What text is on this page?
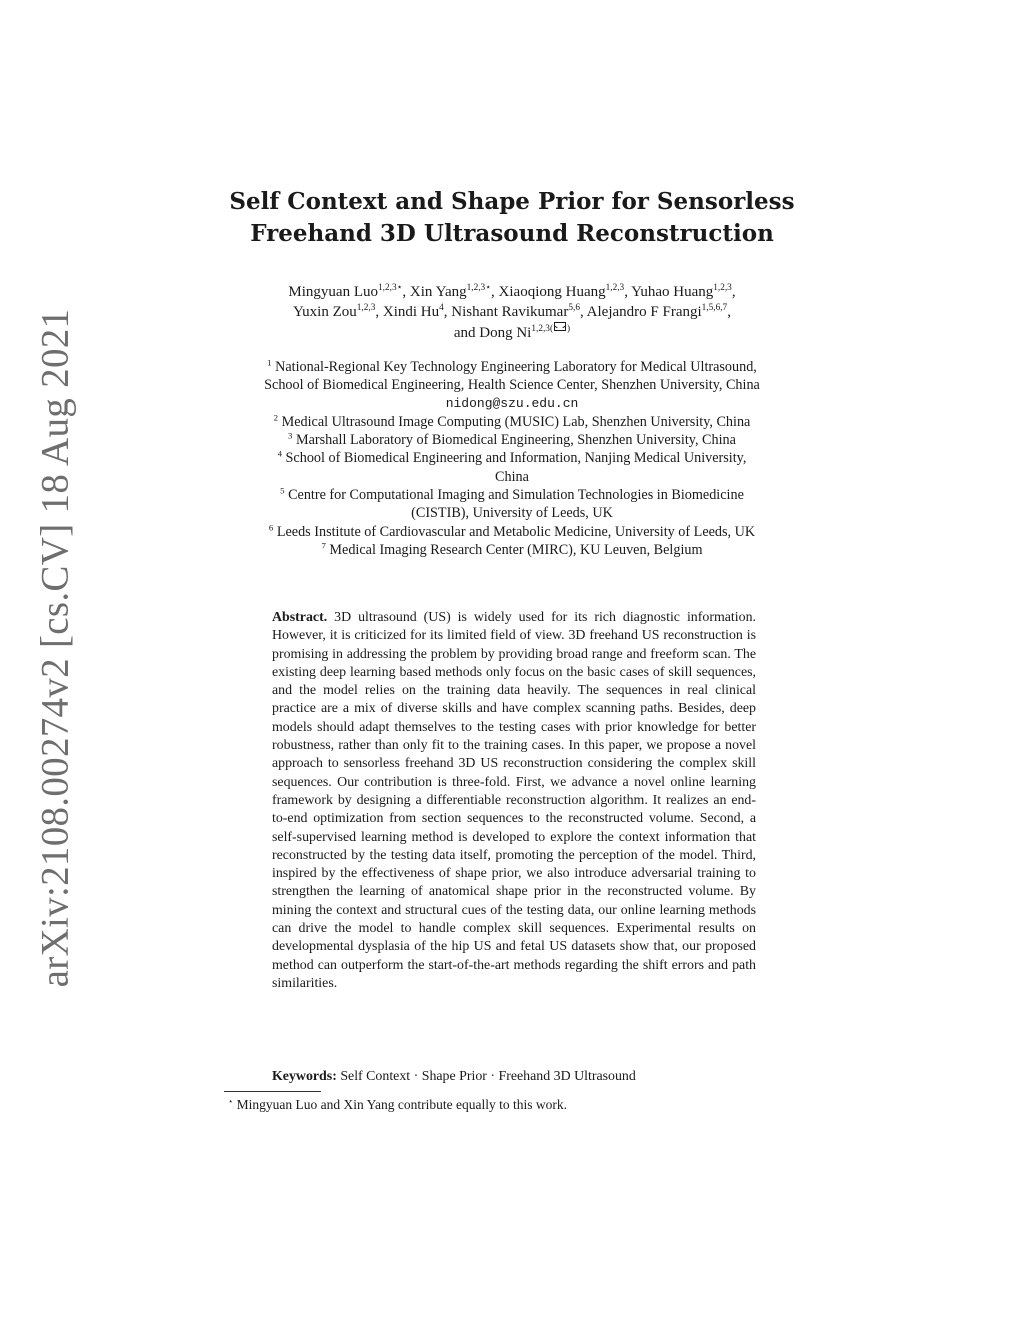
arXiv:2108.00274v2 [cs.CV] 18 Aug 2021
Self Context and Shape Prior for Sensorless
Freehand 3D Ultrasound Reconstruction
Mingyuan Luo$^{1,2,3⋆}$, Xin Yang$^{1,2,3⋆}$, Xiaoqiong Huang$^{1,2,3}$, Yuhao Huang$^{1,2,3}$,
Yuxin Zou$^{1,2,3}$, Xindi Hu$^4$, Nishant Ravikumar$^{5,6}$, Alejandro F Frangi$^{1,5,6,7}$,
and Dong $Ni^{1,2,3( )}$
$^1$ National-Regional Key Technology Engineering Laboratory for Medical Ultrasound,
School of Biomedical Engineering, Health Science Center, Shenzhen University, China
nidong@szu.edu.cn
$^2$ Medical Ultrasound Image Computing (MUSIC) Lab, Shenzhen University, China
$^3$ Marshall Laboratory of Biomedical Engineering, Shenzhen University, China
$^4$ School of Biomedical Engineering and Information, Nanjing Medical University,
China
$^5$ Centre for Computational Imaging and Simulation Technologies in Biomedicine
(CISTIB), University of Leeds, UK
$^6$ Leeds Institute of Cardiovascular and Metabolic Medicine, University of Leeds, UK
$^7$ Medical Imaging Research Center (MIRC), KU Leuven, Belgium
Abstract. 3D ultrasound (US) is widely used for its rich diagnostic information. However, it is criticized for its limited field of view. 3D freehand US reconstruction is promising in addressing the problem by providing broad range and freeform scan. The existing deep learning based methods only focus on the basic cases of skill sequences, and the model relies on the training data heavily. The sequences in real clinical practice are a mix of diverse skills and have complex scanning paths. Besides, deep models should adapt themselves to the testing cases with prior knowledge for better robustness, rather than only fit to the training cases. In this paper, we propose a novel approach to sensorless freehand 3D US reconstruction considering the complex skill sequences. Our contribution is three-fold. First, we advance a novel online learning framework by designing a differentiable reconstruction algorithm. It realizes an end-to-end optimization from section sequences to the reconstructed volume. Second, a self-supervised learning method is developed to explore the context information that reconstructed by the testing data itself, promoting the perception of the model. Third, inspired by the effectiveness of shape prior, we also introduce adversarial training to strengthen the learning of anatomical shape prior in the reconstructed volume. By mining the context and structural cues of the testing data, our online learning methods can drive the model to handle complex skill sequences. Experimental results on developmental dysplasia of the hip US and fetal US datasets show that, our proposed method can outperform the start-of-the-art methods regarding the shift errors and path similarities.
Keywords: Self Context · Shape Prior · Freehand 3D Ultrasound
⋆ Mingyuan Luo and Xin Yang contribute equally to this work.
